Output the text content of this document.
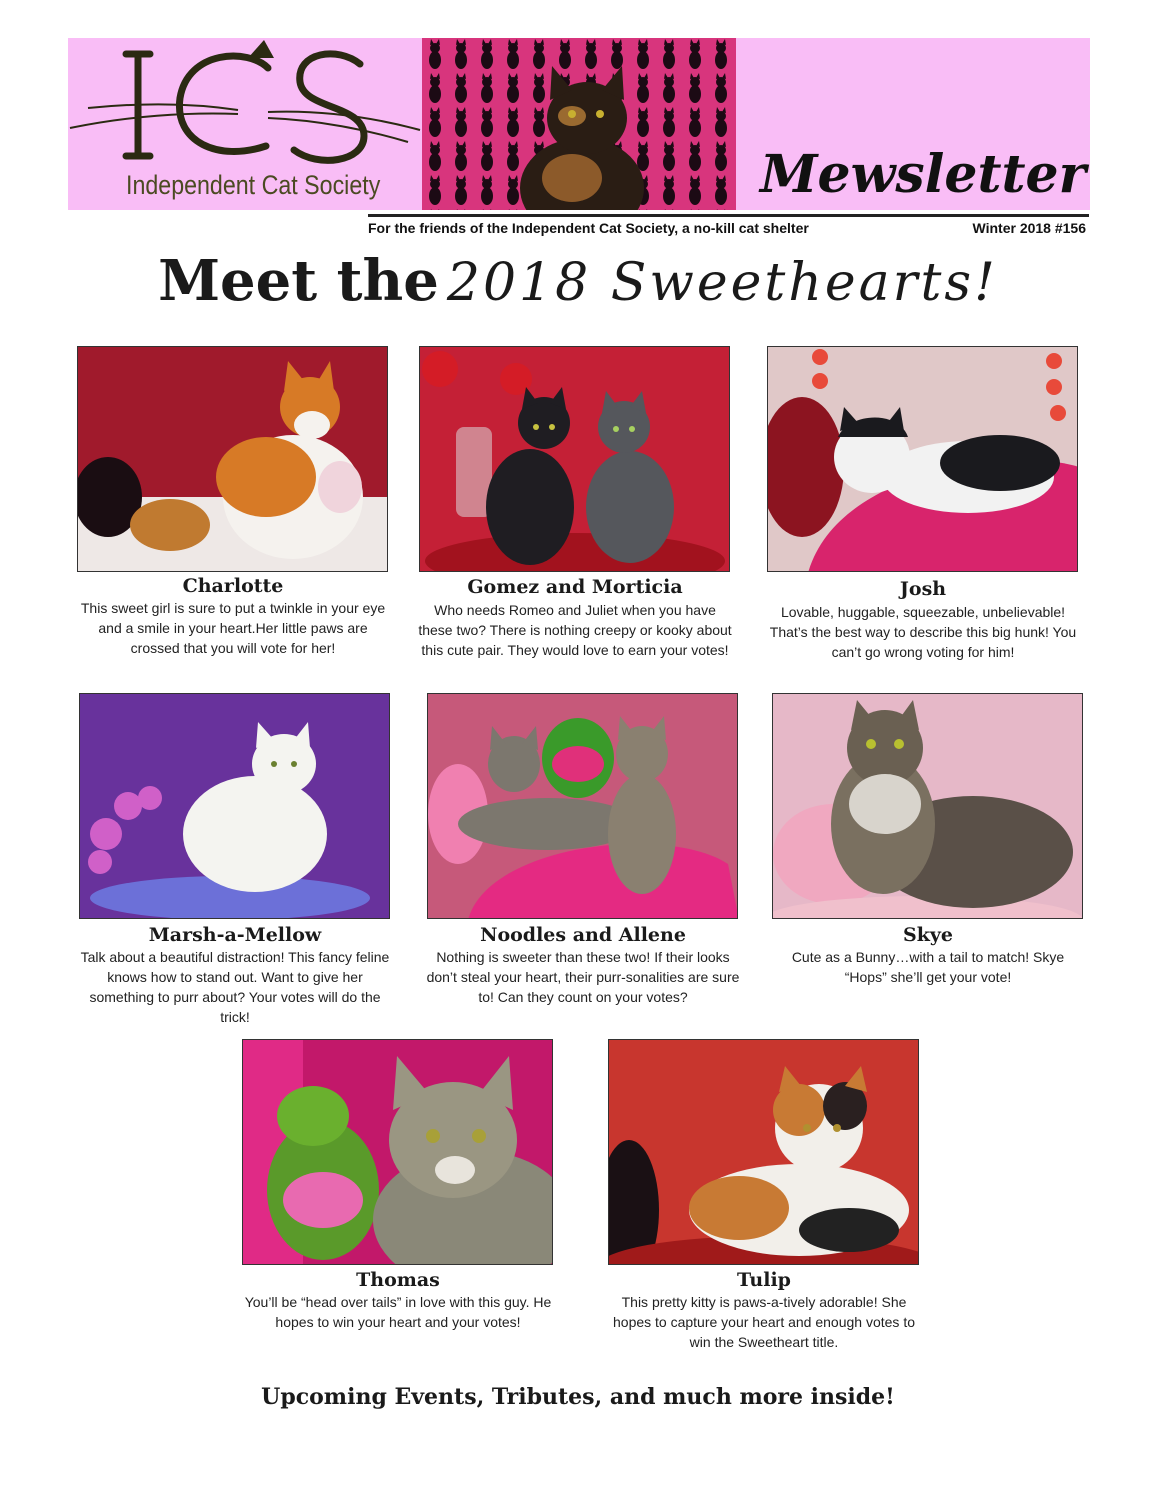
Independent Cat Society	Mewsletter
For the friends of the Independent Cat Society, a no-kill cat shelter	Winter 2018 #156
Meet the 2018 Sweethearts!
Charlotte
This sweet girl is sure to put a twinkle in your eye and a smile in your heart.Her little paws are crossed that you will vote for her!
Gomez and Morticia
Who needs Romeo and Juliet when you have these two? There is nothing creepy or kooky about this cute pair. They would love to earn your votes!
Josh
Lovable, huggable, squeezable, unbelievable! That’s the best way to describe this big hunk! You can’t go wrong voting for him!
Marsh-a-Mellow
Talk about a beautiful distraction! This fancy feline knows how to stand out. Want to give her something to purr about? Your votes will do the trick!
Noodles and Allene
Nothing is sweeter than these two! If their looks don’t steal your heart, their purr-sonalities are sure to! Can they count on your votes?
Skye
Cute as a Bunny…with a tail to match! Skye “Hops” she’ll get your vote!
Thomas
You’ll be “head over tails” in love with this guy. He hopes to win your heart and your votes!
Tulip
This pretty kitty is paws-a-tively adorable! She hopes to capture your heart and enough votes to win the Sweetheart title.
Upcoming Events, Tributes, and much more inside!
